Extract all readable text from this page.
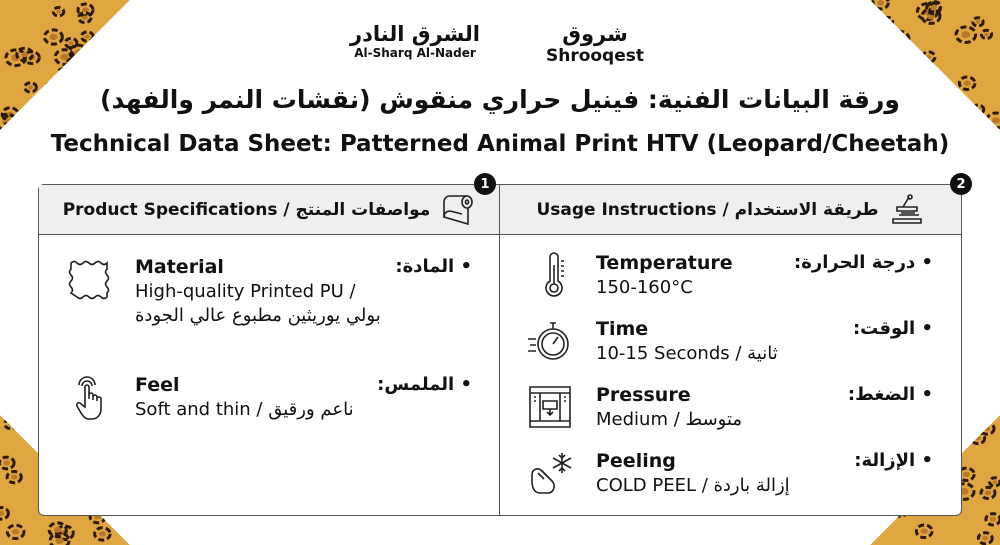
الشرق النادر
Al-Sharq Al-Nader
شروق
Shrooqest
ورقة البيانات الفنية: فينيل حراري منقوش (نقشات النمر والفهد)
Technical Data Sheet: Patterned Animal Print HTV (Leopard/Cheetah)
1
Product Specifications / مواصفات المنتج
Material	• المادة:
High-quality Printed PU /
بولي يوريثين مطبوع عالي الجودة
Feel	• الملمس:
Soft and thin / ناعم ورقيق
2
Usage Instructions / طريقة الاستخدام
Temperature	• درجة الحرارة:
150-160°C
Time	• الوقت:
10-15 Seconds / ثانية
Pressure	• الضغط:
Medium / متوسط
Peeling	• الإزالة:
COLD PEEL / إزالة باردة
